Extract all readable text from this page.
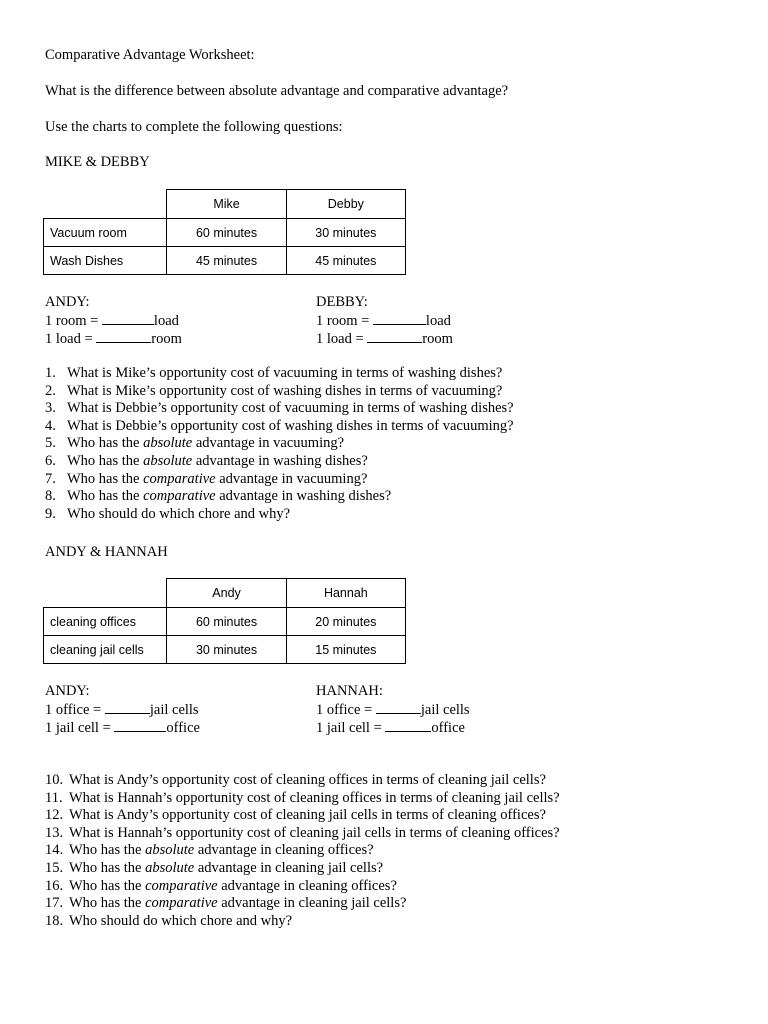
Comparative Advantage Worksheet:
What is the difference between absolute advantage and comparative advantage?
Use the charts to complete the following questions:
MIKE & DEBBY
	Mike	Debby
Vacuum room	60 minutes	30 minutes
Wash Dishes	45 minutes	45 minutes
ANDY:
1 room =	load
1 load =	room
DEBBY:
1 room =	load
1 load =	room
1. What is Mike’s opportunity cost of vacuuming in terms of washing dishes?
2. What is Mike’s opportunity cost of washing dishes in terms of vacuuming?
3. What is Debbie’s opportunity cost of vacuuming in terms of washing dishes?
4. What is Debbie’s opportunity cost of washing dishes in terms of vacuuming?
5. Who has the absolute advantage in vacuuming?
6. Who has the absolute advantage in washing dishes?
7. Who has the comparative advantage in vacuuming?
8. Who has the comparative advantage in washing dishes?
9. Who should do which chore and why?
ANDY & HANNAH
	Andy	Hannah
cleaning offices	60 minutes	20 minutes
cleaning jail cells	30 minutes	15 minutes
ANDY:
1 office =	jail cells
1 jail cell =	office
HANNAH:
1 office =	jail cells
1 jail cell =	office
10. What is Andy’s opportunity cost of cleaning offices in terms of cleaning jail cells?
11. What is Hannah’s opportunity cost of cleaning offices in terms of cleaning jail cells?
12. What is Andy’s opportunity cost of cleaning jail cells in terms of cleaning offices?
13. What is Hannah’s opportunity cost of cleaning jail cells in terms of cleaning offices?
14. Who has the absolute advantage in cleaning offices?
15. Who has the absolute advantage in cleaning jail cells?
16. Who has the comparative advantage in cleaning offices?
17. Who has the comparative advantage in cleaning jail cells?
18. Who should do which chore and why?
